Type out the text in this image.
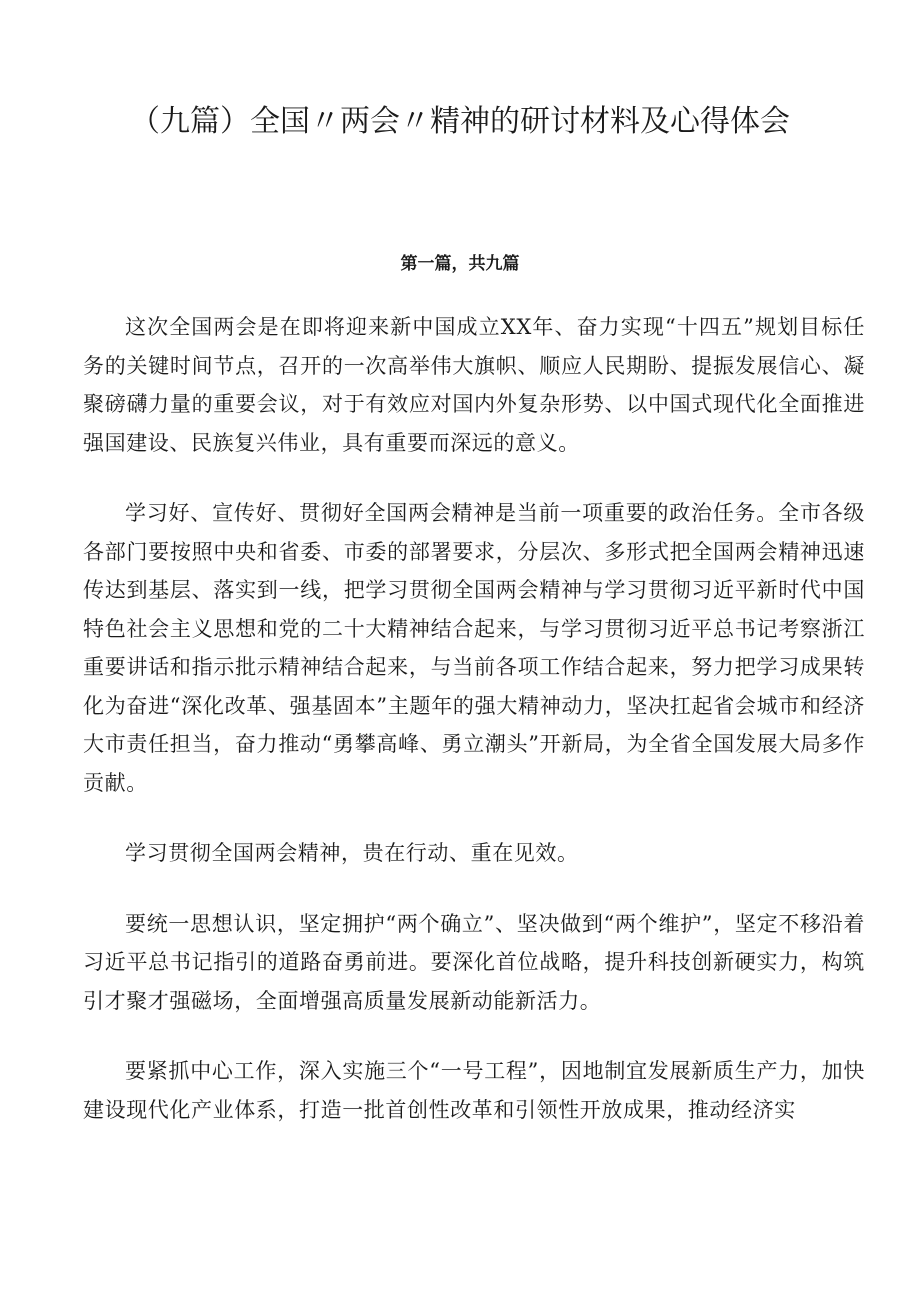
（九篇）全国〃两会〃精神的研讨材料及心得体会
第一篇，共九篇

这次全国两会是在即将迎来新中国成立XX年、奋力实现“十四五”规划目标任务的关键时间节点，召开的一次高举伟大旗帜、顺应人民期盼、提振发展信心、凝聚磅礴力量的重要会议，对于有效应对国内外复杂形势、以中国式现代化全面推进强国建设、民族复兴伟业，具有重要而深远的意义。

学习好、宣传好、贯彻好全国两会精神是当前一项重要的政治任务。全市各级各部门要按照中央和省委、市委的部署要求，分层次、多形式把全国两会精神迅速传达到基层、落实到一线，把学习贯彻全国两会精神与学习贯彻习近平新时代中国特色社会主义思想和党的二十大精神结合起来，与学习贯彻习近平总书记考察浙江重要讲话和指示批示精神结合起来，与当前各项工作结合起来，努力把学习成果转化为奋进“深化改革、强基固本”主题年的强大精神动力，坚决扛起省会城市和经济大市责任担当，奋力推动“勇攀高峰、勇立潮头”开新局，为全省全国发展大局多作贡献。

学习贯彻全国两会精神，贵在行动、重在见效。

要统一思想认识，坚定拥护“两个确立”、坚决做到“两个维护”，坚定不移沿着习近平总书记指引的道路奋勇前进。要深化首位战略，提升科技创新硬实力，构筑引才聚才强磁场，全面增强高质量发展新动能新活力。

要紧抓中心工作，深入实施三个“一号工程”，因地制宜发展新质生产力，加快建设现代化产业体系，打造一批首创性改革和引领性开放成果，推动经济实
